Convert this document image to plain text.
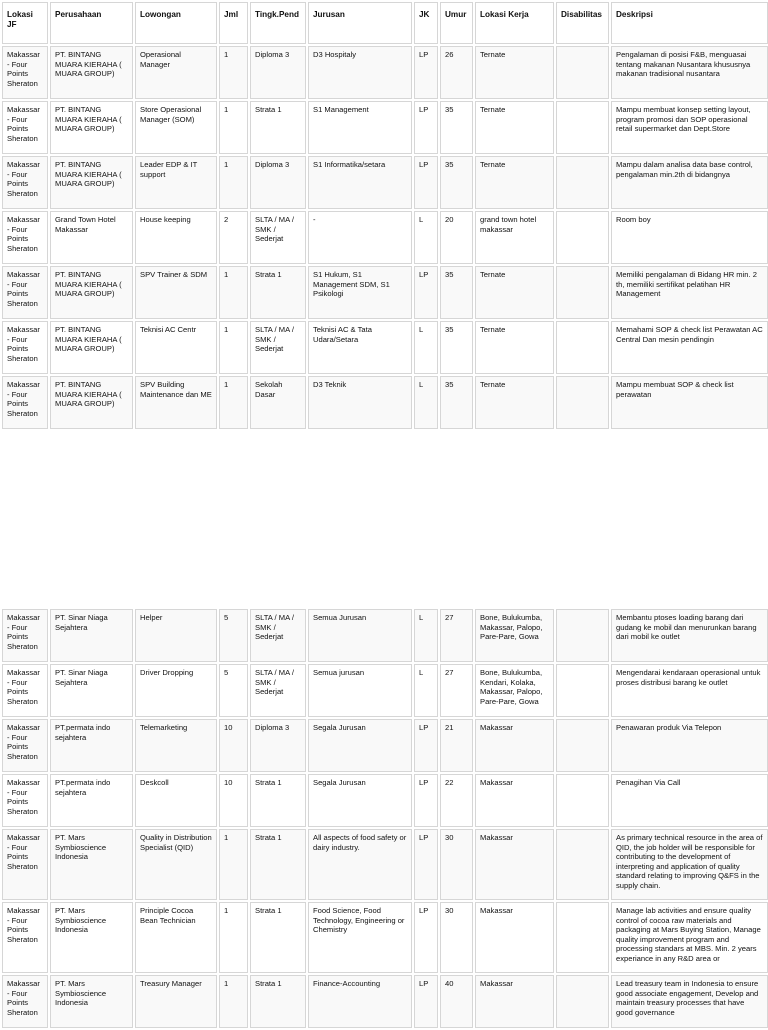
Lokasi JF	Perusahaan	Lowongan	Jml	Tingk.Pend	Jurusan	JK	Umur	Lokasi Kerja	Disabilitas	Deskripsi
Makassar - Four Points Sheraton	PT. BINTANG MUARA KIERAHA ( MUARA GROUP)	Operasional Manager	1	Diploma 3	D3 Hospitaly	LP	26	Ternate		Pengalaman di posisi F&B, menguasai tentang makanan Nusantara khususnya makanan tradisional nusantara
Makassar - Four Points Sheraton	PT. BINTANG MUARA KIERAHA ( MUARA GROUP)	Store Operasional Manager (SOM)	1	Strata 1	S1 Management	LP	35	Ternate		Mampu membuat konsep setting layout, program promosi dan SOP operasional retail supermarket dan Dept.Store
Makassar - Four Points Sheraton	PT. BINTANG MUARA KIERAHA ( MUARA GROUP)	Leader EDP & IT support	1	Diploma 3	S1 Informatika/setara	LP	35	Ternate		Mampu dalam analisa data base control, pengalaman min.2th di bidangnya
Makassar - Four Points Sheraton	Grand Town Hotel Makassar	House keeping	2	SLTA / MA / SMK / Sederjat	-	L	20	grand town hotel makassar		Room boy
Makassar - Four Points Sheraton	PT. BINTANG MUARA KIERAHA ( MUARA GROUP)	SPV Trainer & SDM	1	Strata 1	S1 Hukum, S1 Management SDM, S1 Psikologi	LP	35	Ternate		Memiliki pengalaman di Bidang HR min. 2 th, memiliki sertifikat pelatihan HR Management
Makassar - Four Points Sheraton	PT. BINTANG MUARA KIERAHA ( MUARA GROUP)	Teknisi AC Centr	1	SLTA / MA / SMK / Sederjat	Teknisi AC & Tata Udara/Setara	L	35	Ternate		Memahami SOP & check list Perawatan AC Central Dan mesin pendingin
Makassar - Four Points Sheraton	PT. BINTANG MUARA KIERAHA ( MUARA GROUP)	SPV Building Maintenance dan ME	1	Sekolah Dasar	D3 Teknik	L	35	Ternate		Mampu membuat SOP & check list perawatan
Makassar - Four Points Sheraton	PT. Sinar Niaga Sejahtera	Helper	5	SLTA / MA / SMK / Sederjat	Semua Jurusan	L	27	Bone, Bulukumba, Makassar, Palopo, Pare-Pare, Gowa		Membantu ptoses loading barang dari gudang ke mobil dan menurunkan barang dari mobil ke outlet
Makassar - Four Points Sheraton	PT. Sinar Niaga Sejahtera	Driver Dropping	5	SLTA / MA / SMK / Sederjat	Semua jurusan	L	27	Bone, Bulukumba, Kendari, Kolaka, Makassar, Palopo, Pare-Pare, Gowa		Mengendarai kendaraan operasional untuk proses distribusi barang ke outlet
Makassar - Four Points Sheraton	PT.permata indo sejahtera	Telemarketing	10	Diploma 3	Segala Jurusan	LP	21	Makassar		Penawaran produk Via Telepon
Makassar - Four Points Sheraton	PT.permata indo sejahtera	Deskcoll	10	Strata 1	Segala Jurusan	LP	22	Makassar		Penagihan Via Call
Makassar - Four Points Sheraton	PT. Mars Symbioscience Indonesia	Quality in Distribution Specialist (QID)	1	Strata 1	All aspects of food safety or dairy industry.	LP	30	Makassar		As primary technical resource in the area of QID, the job holder will be responsible for contributing to the development of interpreting and application of quality standard relating to improving Q&FS in the supply chain.
Makassar - Four Points Sheraton	PT. Mars Symbioscience Indonesia	Principle Cocoa Bean Technician	1	Strata 1	Food Science, Food Technology, Engineering or Chemistry	LP	30	Makassar		Manage lab activities and ensure quality control of cocoa raw materials and packaging at Mars Buying Station, Manage quality improvement program and processing standars at MBS. Min. 2 years experiance in any R&D area or
Makassar - Four Points Sheraton	PT. Mars Symbioscience Indonesia	Treasury Manager	1	Strata 1	Finance-Accounting	LP	40	Makassar		Lead treasury team in Indonesia to ensure good associate engagement, Develop and maintain treasury processes that have good governance
